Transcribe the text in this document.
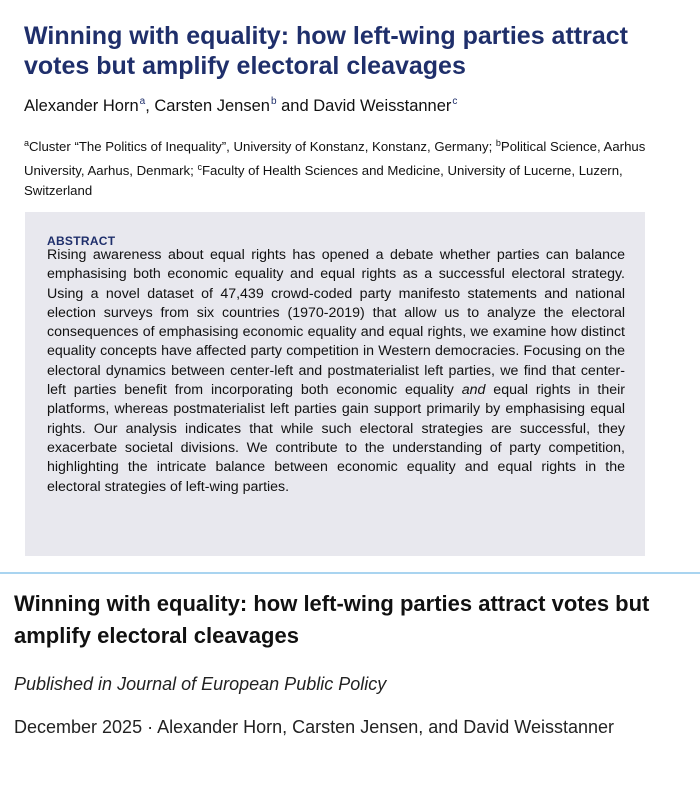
Winning with equality: how left-wing parties attract votes but amplify electoral cleavages
Alexander Horn$^a$, Carsten Jensen$^b$ and David Weisstanner$^c$
$^a$Cluster “The Politics of Inequality”, University of Konstanz, Konstanz, Germany; $^b$Political Science, Aarhus University, Aarhus, Denmark; $^c$Faculty of Health Sciences and Medicine, University of Lucerne, Luzern, Switzerland
ABSTRACT
Rising awareness about equal rights has opened a debate whether parties can balance emphasising both economic equality and equal rights as a successful electoral strategy. Using a novel dataset of 47,439 crowd-coded party manifesto statements and national election surveys from six countries (1970-2019) that allow us to analyze the electoral consequences of emphasising economic equality and equal rights, we examine how distinct equality concepts have affected party competition in Western democracies. Focusing on the electoral dynamics between center-left and postmaterialist left parties, we find that center-left parties benefit from incorporating both economic equality and equal rights in their platforms, whereas postmaterialist left parties gain support primarily by emphasising equal rights. Our analysis indicates that while such electoral strategies are successful, they exacerbate societal divisions. We contribute to the understanding of party competition, highlighting the intricate balance between economic equality and equal rights in the electoral strategies of left-wing parties.
Winning with equality: how left-wing parties attract votes but amplify electoral cleavages
Published in Journal of European Public Policy
December 2025 · Alexander Horn, Carsten Jensen, and David Weisstanner
